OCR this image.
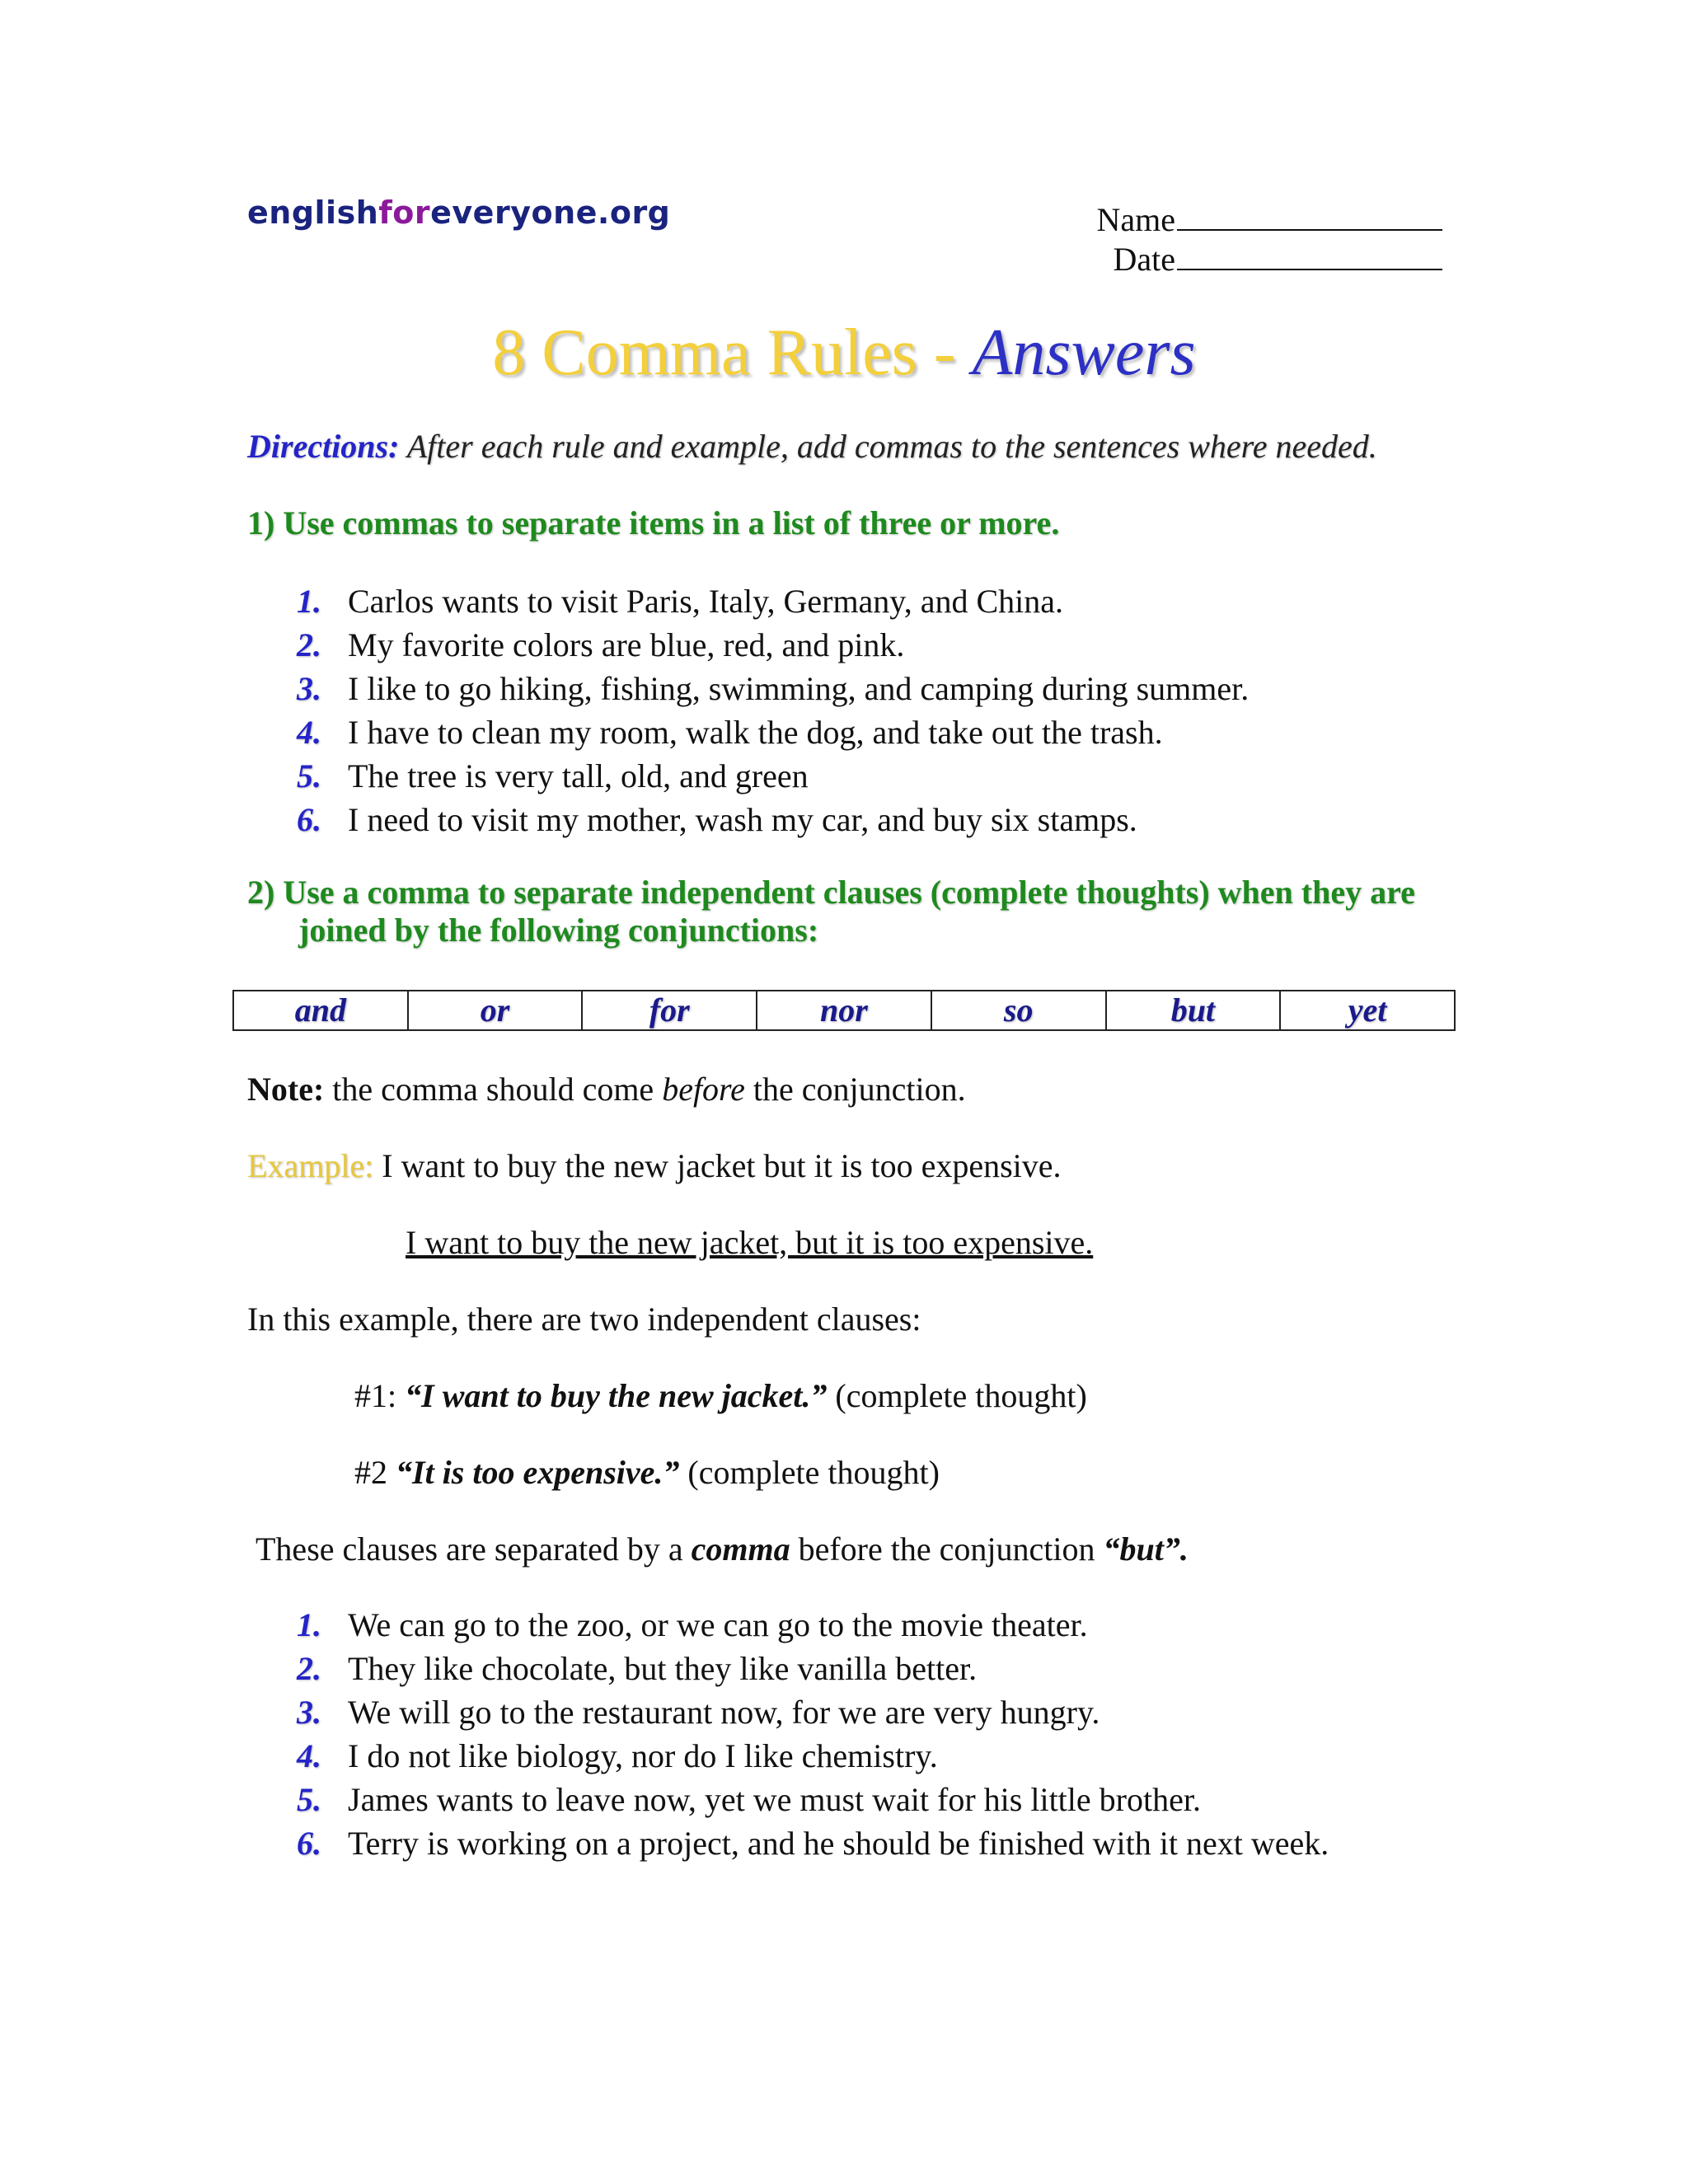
englishforeveryone.org	Name
Date
8 Comma Rules - Answers
Directions: After each rule and example, add commas to the sentences where needed.
1) Use commas to separate items in a list of three or more.
1. Carlos wants to visit Paris, Italy, Germany, and China.
2. My favorite colors are blue, red, and pink.
3. I like to go hiking, fishing, swimming, and camping during summer.
4. I have to clean my room, walk the dog, and take out the trash.
5. The tree is very tall, old, and green
6. I need to visit my mother, wash my car, and buy six stamps.
2) Use a comma to separate independent clauses (complete thoughts) when they are
joined by the following conjunctions:
and	or	for	nor	so	but	yet
Note: the comma should come before the conjunction.
Example: I want to buy the new jacket but it is too expensive.
I want to buy the new jacket, but it is too expensive.
In this example, there are two independent clauses:
#1: “I want to buy the new jacket.” (complete thought)
#2 “It is too expensive.” (complete thought)
These clauses are separated by a comma before the conjunction “but”.
1. We can go to the zoo, or we can go to the movie theater.
2. They like chocolate, but they like vanilla better.
3. We will go to the restaurant now, for we are very hungry.
4. I do not like biology, nor do I like chemistry.
5. James wants to leave now, yet we must wait for his little brother.
6. Terry is working on a project, and he should be finished with it next week.
